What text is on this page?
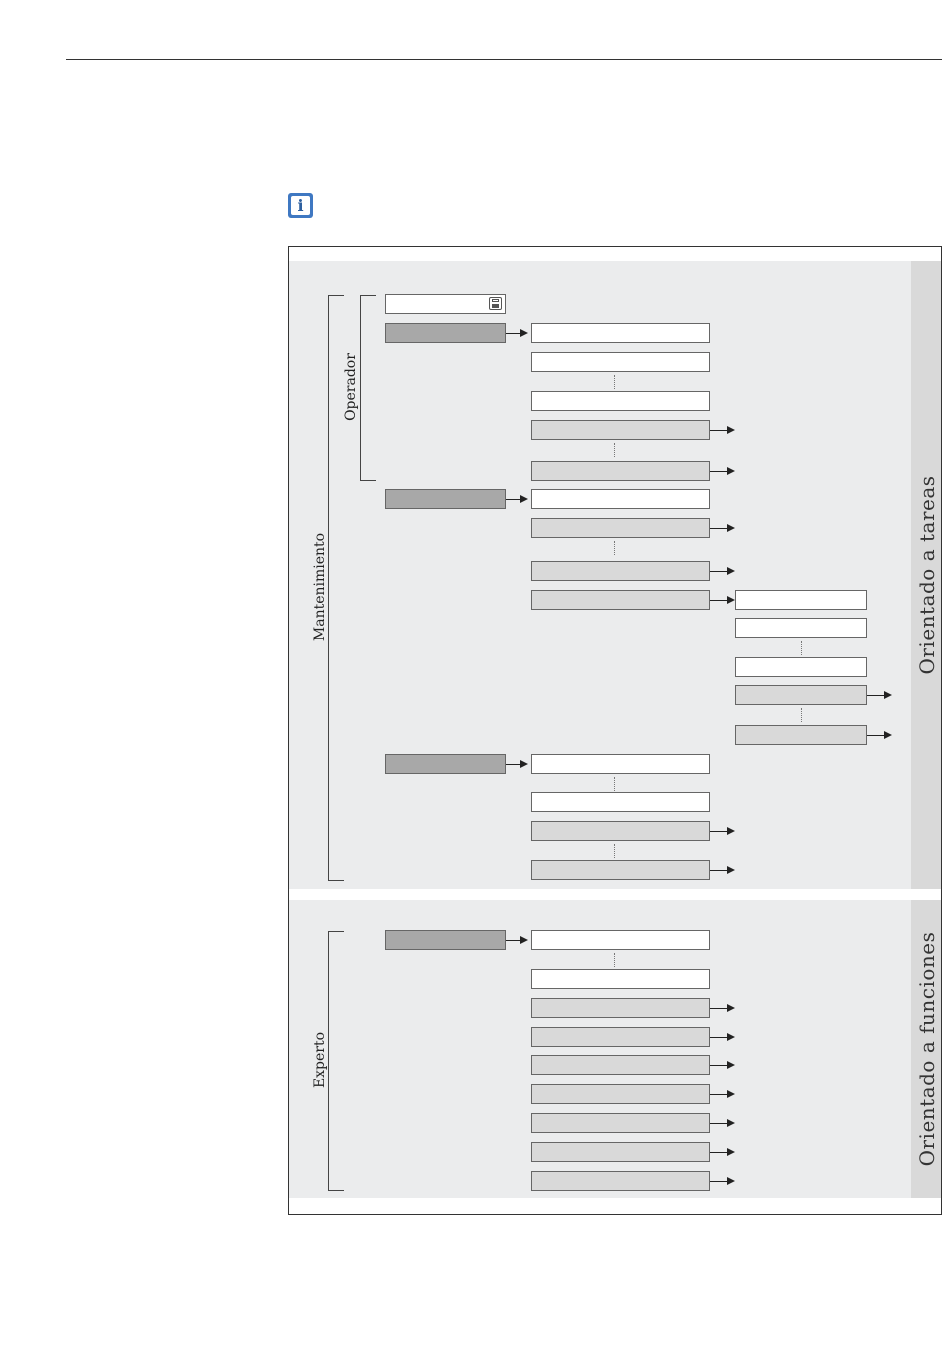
i
Orientado a tareas
Orientado a funciones
Mantenimiento
Operador
Experto
